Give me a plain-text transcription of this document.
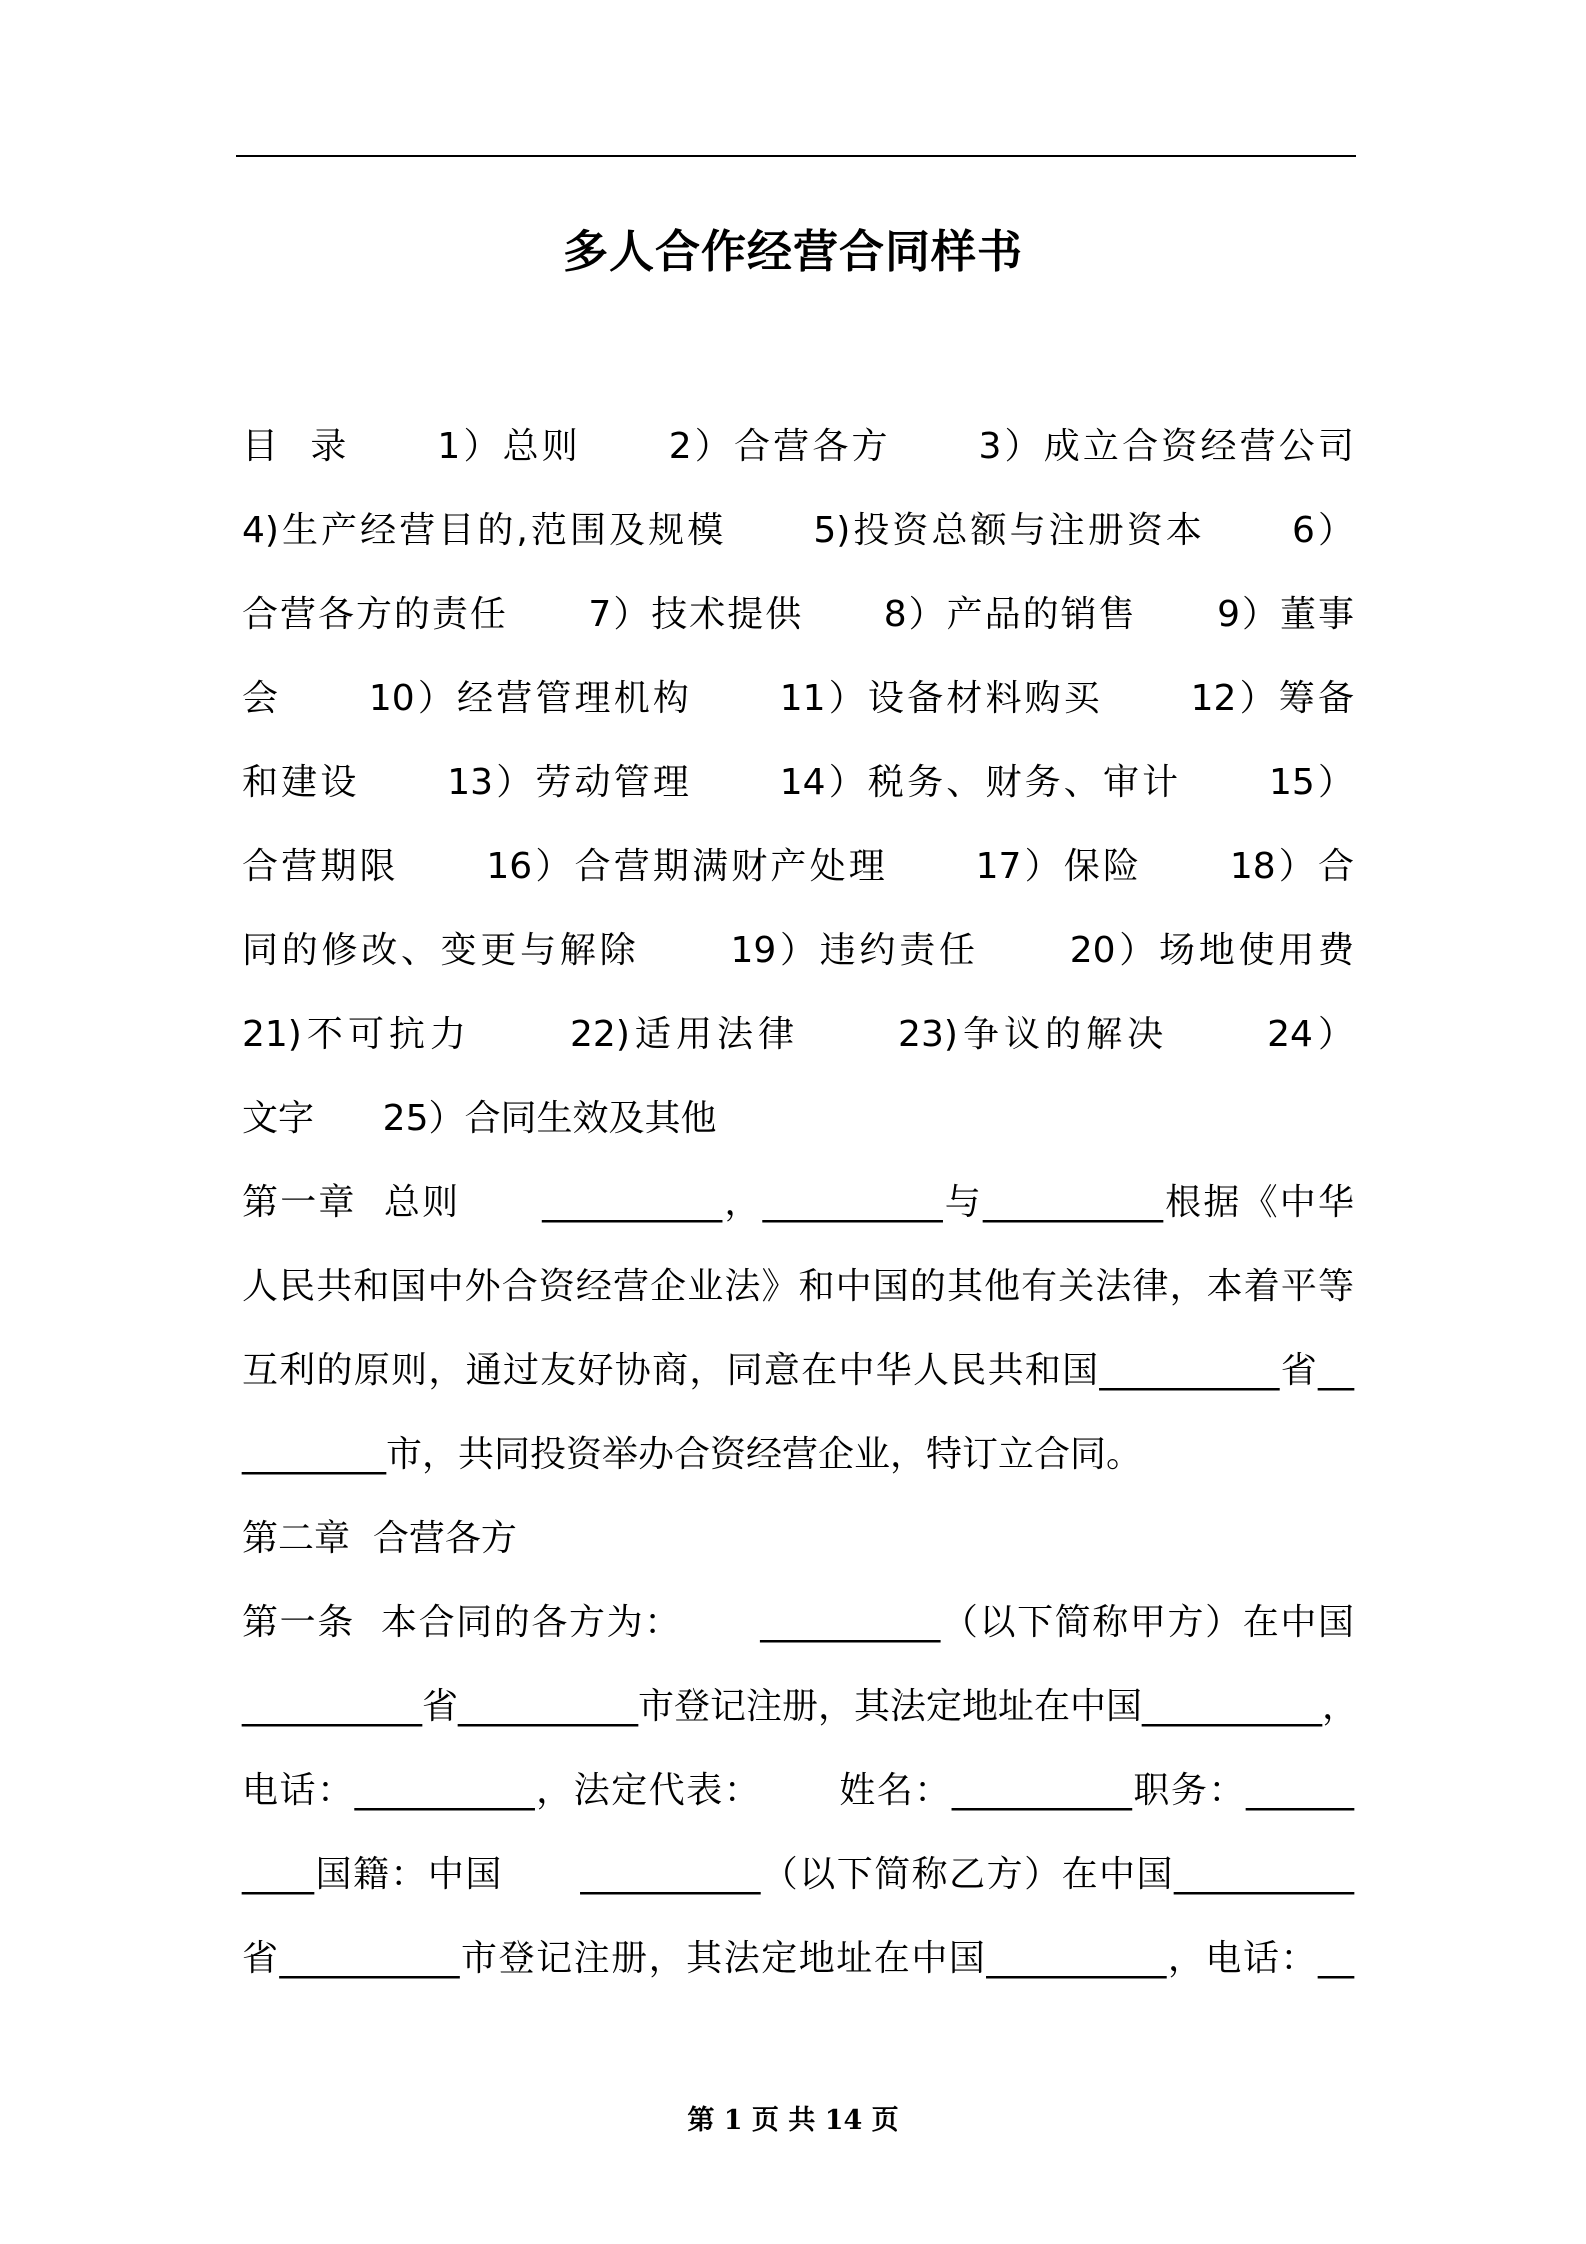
多人合作经营合同样书
目  录      1）总则      2）合营各方      3）成立合资经营公司
4)生产经营目的,范围及规模      5)投资总额与注册资本      6）
合营各方的责任      7）技术提供      8）产品的销售      9）董事
会      10）经营管理机构      11）设备材料购买      12）筹备
和建设      13）劳动管理      14）税务、财务、审计      15）
合营期限      16）合营期满财产处理      17）保险      18）合
同的修改、变更与解除      19）违约责任      20）场地使用费
21)不可抗力      22)适用法律      23)争议的解决      24）
文字      25）合同生效及其他
第一章  总则      __________，__________与__________根据《中华
人民共和国中外合资经营企业法》和中国的其他有关法律，本着平等
互利的原则，通过友好协商，同意在中华人民共和国__________省__
________市，共同投资举办合资经营企业，特订立合同。
第二章  合营各方
第一条  本合同的各方为：      __________（以下简称甲方）在中国
__________省__________市登记注册，其法定地址在中国__________，
电话：__________，法定代表：      姓名：__________职务：______
____国籍：中国      __________（以下简称乙方）在中国__________
省__________市登记注册，其法定地址在中国__________，电话：__
第 1 页 共 14 页
